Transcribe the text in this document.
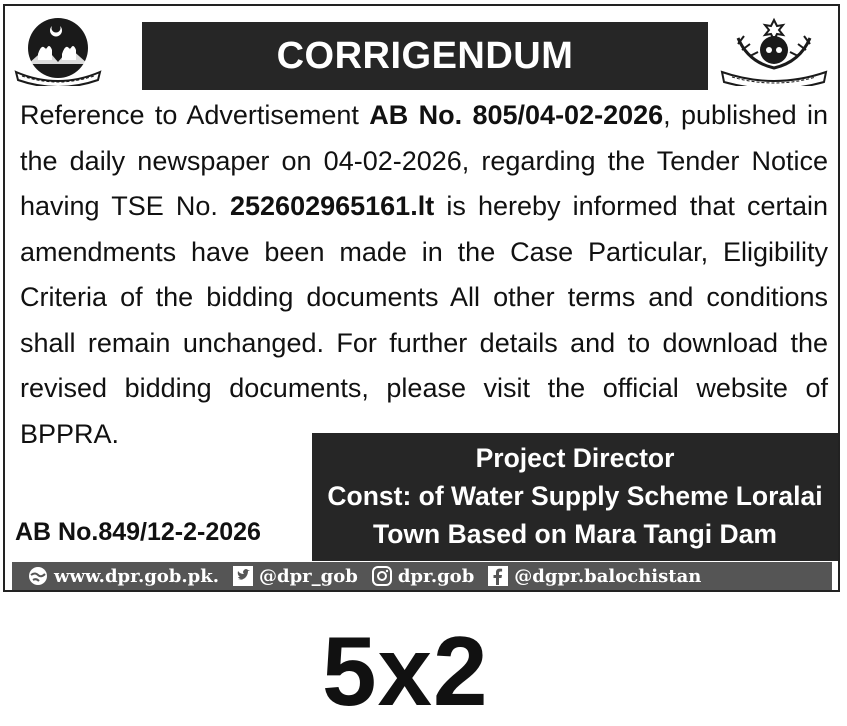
CORRIGENDUM
Reference to Advertisement AB No. 805/04-02-2026, published in the daily newspaper on 04-02-2026, regarding the Tender Notice having TSE No. 252602965161.lt is hereby informed that certain amendments have been made in the Case Particular, Eligibility Criteria of the bidding documents All other terms and conditions shall remain unchanged. For further details and to download the revised bidding documents, please visit the official website of BPPRA.
Project Director
Const: of Water Supply Scheme Loralai
Town Based on Mara Tangi Dam
AB No.849/12-2-2026
www.dpr.gob.pk. @dpr_gob dpr.gob @dgpr.balochistan
5x2
